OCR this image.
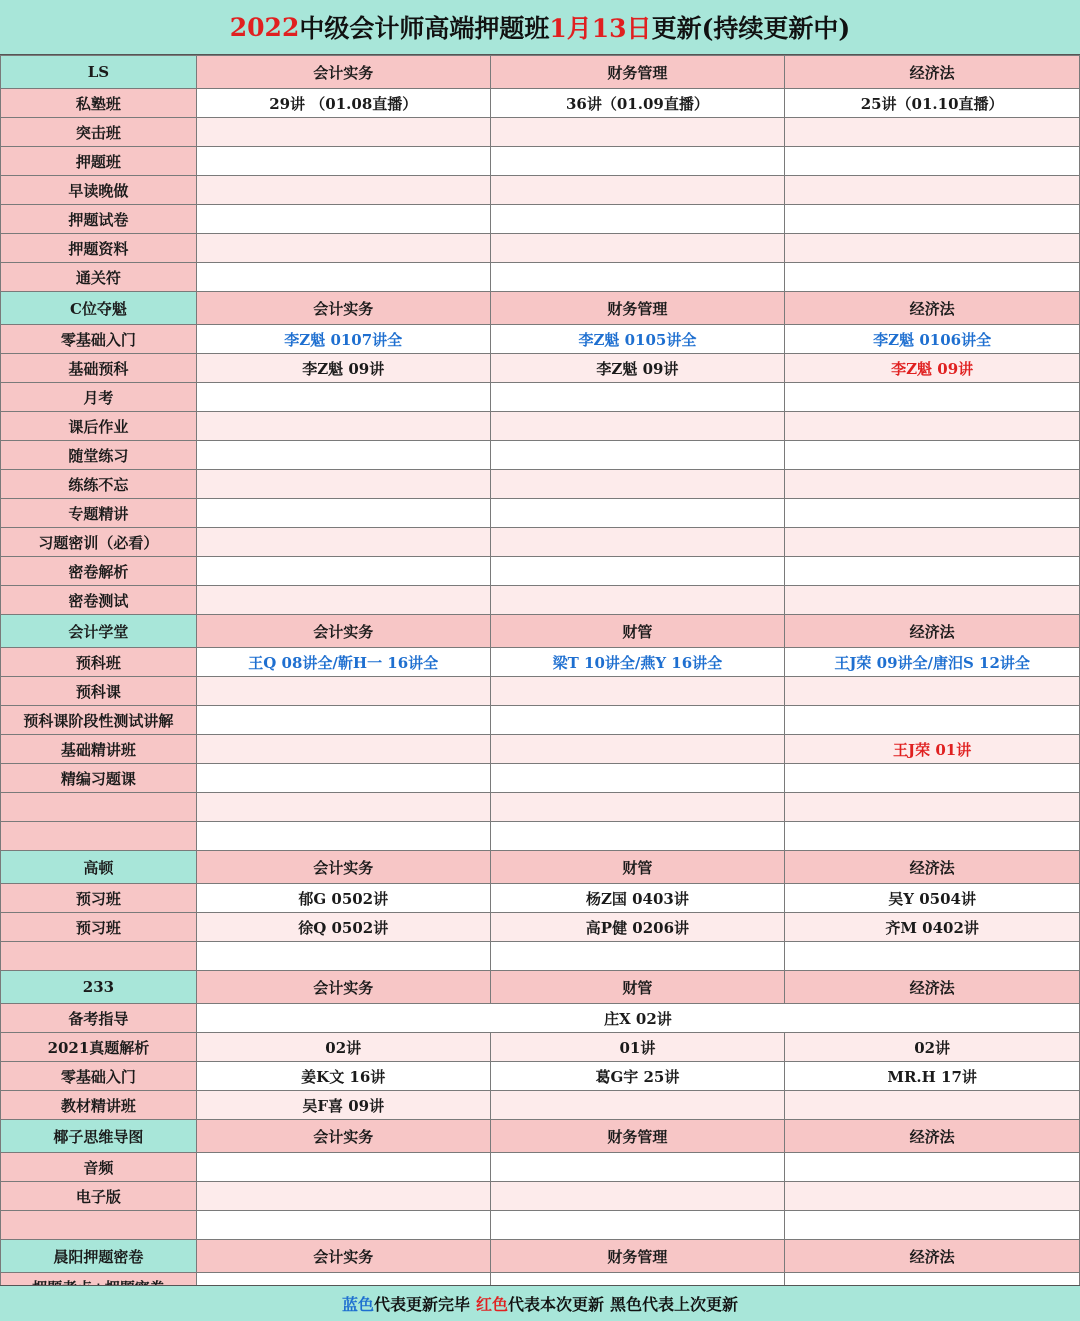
2022 中级会计师高端押题班 1月13日 更新(持续更新中)
LS	会计实务	财务管理	经济法
私塾班	29讲 （01.08直播）	36讲（01.09直播）	25讲（01.10直播）
突击班			
押题班			
早读晚做			
押题试卷			
押题资料			
通关符			
C位夺魁	会计实务	财务管理	经济法
零基础入门	李Z魁 0107讲全	李Z魁 0105讲全	李Z魁 0106讲全
基础预科	李Z魁 09讲	李Z魁 09讲	李Z魁 09讲
月考			
课后作业			
随堂练习			
练练不忘			
专题精讲			
习题密训（必看）			
密卷解析			
密卷测试			
会计学堂	会计实务	财管	经济法
预科班	王Q 08讲全/靳H一 16讲全	梁T 10讲全/燕Y 16讲全	王J荣 09讲全/唐汨S 12讲全
预科课			
预科课阶段性测试讲解			
基础精讲班			王J荣 01讲
精编习题课			

高顿	会计实务	财管	经济法
预习班	郁G 0502讲	杨Z国 0403讲	吴Y 0504讲
预习班	徐Q 0502讲	高P健 0206讲	齐M 0402讲

233	会计实务	财管	经济法
备考指导	庄X 02讲		
2021真题解析	02讲	01讲	02讲
零基础入门	姜K文 16讲	葛G宇 25讲	MR.H 17讲
教材精讲班	吴F喜 09讲		
椰子思维导图	会计实务	财务管理	经济法
音频			
电子版			

晨阳押题密卷	会计实务	财务管理	经济法

蓝色 代表更新完毕 红色 代表本次更新 黑色代表上次更新
